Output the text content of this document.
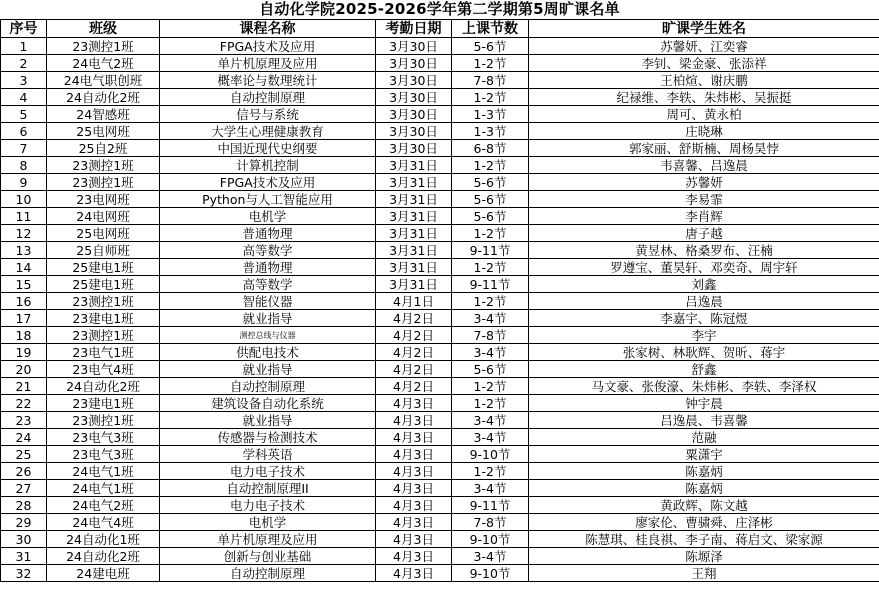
自动化学院2025-2026学年第二学期第5周旷课名单
序号	班级	课程名称	考勤日期	上课节数	旷课学生姓名
1	23测控1班	FPGA技术及应用	3月30日	5-6节	苏馨妍、江奕睿
2	24电气2班	单片机原理及应用	3月30日	1-2节	李钊、梁金豪、张添祥
3	24电气职创班	概率论与数理统计	3月30日	7-8节	王柏煊、谢庆鹏
4	24自动化2班	自动控制原理	3月30日	1-2节	纪禄维、李轶、朱炜彬、吴振挺
5	24智感班	信号与系统	3月30日	1-3节	周可、黄永柏
6	25电网班	大学生心理健康教育	3月30日	1-3节	庄晓琳
7	25自2班	中国近现代史纲要	3月30日	6-8节	郭家丽、舒斯楠、周杨昊悖
8	23测控1班	计算机控制	3月31日	1-2节	韦喜馨、吕逸晨
9	23测控1班	FPGA技术及应用	3月31日	5-6节	苏馨妍
10	23电网班	Python与人工智能应用	3月31日	5-6节	李易霏
11	24电网班	电机学	3月31日	5-6节	李肖辉
12	25电网班	普通物理	3月31日	1-2节	唐子越
13	25自师班	高等数学	3月31日	9-11节	黄昱林、格桑罗布、汪楠
14	25建电1班	普通物理	3月31日	1-2节	罗遵宝、董昊轩、邓奕奇、周宇轩
15	25建电1班	高等数学	3月31日	9-11节	刘鑫
16	23测控1班	智能仪器	4月1日	1-2节	吕逸晨
17	23建电1班	就业指导	4月2日	3-4节	李嘉宇、陈冠煜
18	23测控1班	测控总线与仪器	4月2日	7-8节	李宇
19	23电气1班	供配电技术	4月2日	3-4节	张家树、林耿辉、贺昕、蒋宇
20	23电气4班	就业指导	4月2日	5-6节	舒鑫
21	24自动化2班	自动控制原理	4月2日	1-2节	马文豪、张俊濠、朱炜彬、李轶、李泽权
22	23建电1班	建筑设备自动化系统	4月3日	1-2节	钟宇晨
23	23测控1班	就业指导	4月3日	3-4节	吕逸晨、韦喜馨
24	23电气3班	传感器与检测技术	4月3日	3-4节	范融
25	23电气3班	学科英语	4月3日	9-10节	粟潇宇
26	24电气1班	电力电子技术	4月3日	1-2节	陈嘉炳
27	24电气1班	自动控制原理II	4月3日	3-4节	陈嘉炳
28	24电气2班	电力电子技术	4月3日	9-11节	黄政辉、陈文越
29	24电气4班	电机学	4月3日	7-8节	廖家伦、曹骕舜、庄泽彬
30	24自动化1班	单片机原理及应用	4月3日	9-10节	陈慧琪、桂良祺、李子南、蒋启文、梁家源
31	24自动化2班	创新与创业基础	4月3日	3-4节	陈塬泽
32	24建电班	自动控制原理	4月3日	9-10节	王翔
